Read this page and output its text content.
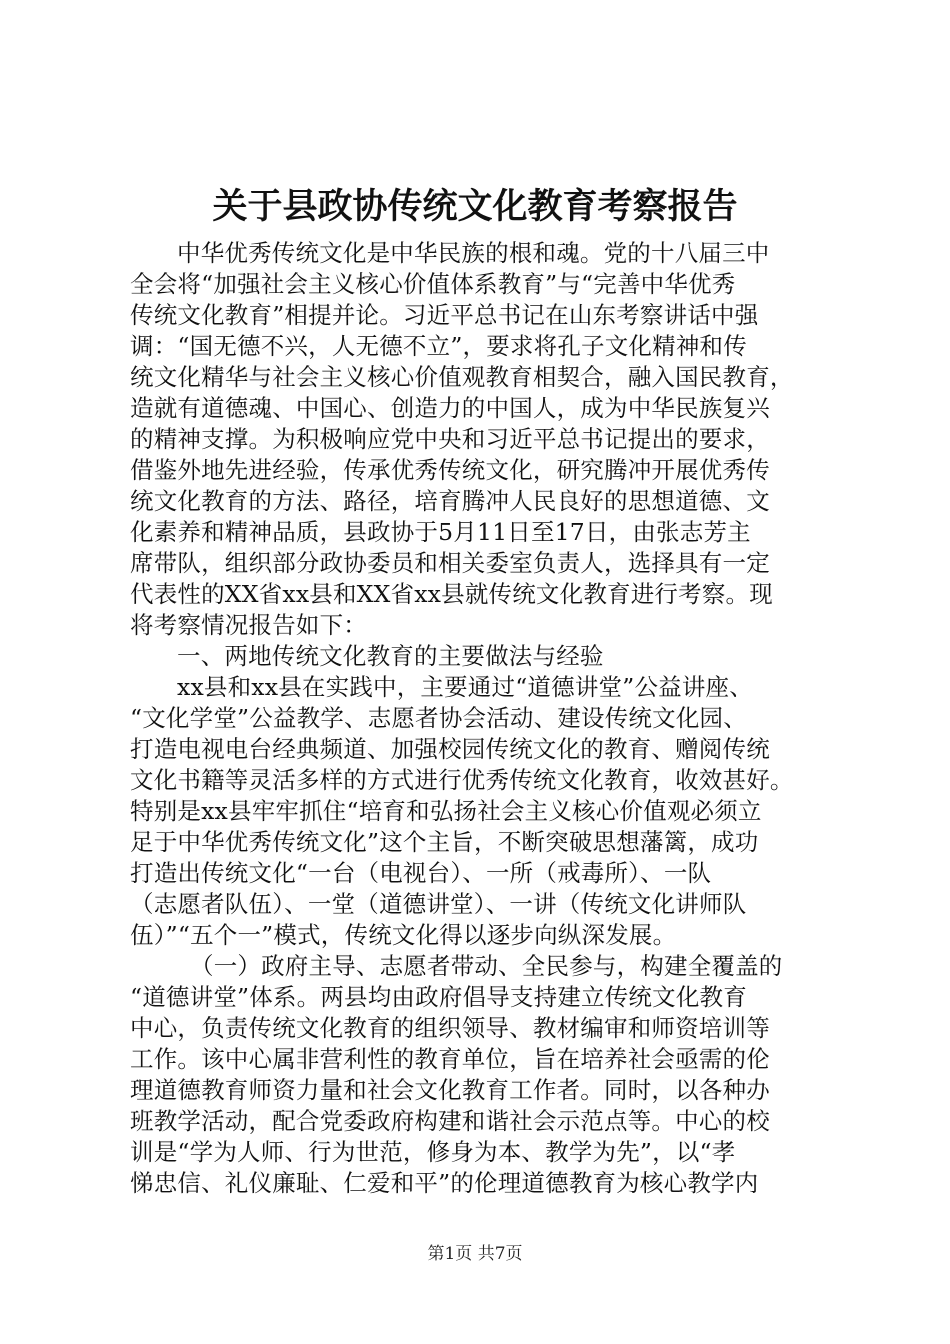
关于县政协传统文化教育考察报告
中华优秀传统文化是中华民族的根和魂。党的十八届三中
全会将“加强社会主义核心价值体系教育”与“完善中华优秀
传统文化教育”相提并论。习近平总书记在山东考察讲话中强
调：“国无德不兴，人无德不立”，要求将孔子文化精神和传
统文化精华与社会主义核心价值观教育相契合，融入国民教育，
造就有道德魂、中国心、创造力的中国人，成为中华民族复兴
的精神支撑。为积极响应党中央和习近平总书记提出的要求，
借鉴外地先进经验，传承优秀传统文化，研究腾冲开展优秀传
统文化教育的方法、路径，培育腾冲人民良好的思想道德、文
化素养和精神品质，县政协于5月11日至17日，由张志芳主
席带队，组织部分政协委员和相关委室负责人，选择具有一定
代表性的XX省xx县和XX省xx县就传统文化教育进行考察。现
将考察情况报告如下：
一、两地传统文化教育的主要做法与经验
xx县和xx县在实践中，主要通过“道德讲堂”公益讲座、
“文化学堂”公益教学、志愿者协会活动、建设传统文化园、
打造电视电台经典频道、加强校园传统文化的教育、赠阅传统
文化书籍等灵活多样的方式进行优秀传统文化教育，收效甚好。
特别是xx县牢牢抓住“培育和弘扬社会主义核心价值观必须立
足于中华优秀传统文化”这个主旨，不断突破思想藩篱，成功
打造出传统文化“一台（电视台）、一所（戒毒所）、一队
（志愿者队伍）、一堂（道德讲堂）、一讲（传统文化讲师队
伍）”“五个一”模式，传统文化得以逐步向纵深发展。
（一）政府主导、志愿者带动、全民参与，构建全覆盖的
“道德讲堂”体系。两县均由政府倡导支持建立传统文化教育
中心，负责传统文化教育的组织领导、教材编审和师资培训等
工作。该中心属非营利性的教育单位，旨在培养社会亟需的伦
理道德教育师资力量和社会文化教育工作者。同时，以各种办
班教学活动，配合党委政府构建和谐社会示范点等。中心的校
训是“学为人师、行为世范，修身为本、教学为先”，以“孝
悌忠信、礼仪廉耻、仁爱和平”的伦理道德教育为核心教学内
第1页 共7页
